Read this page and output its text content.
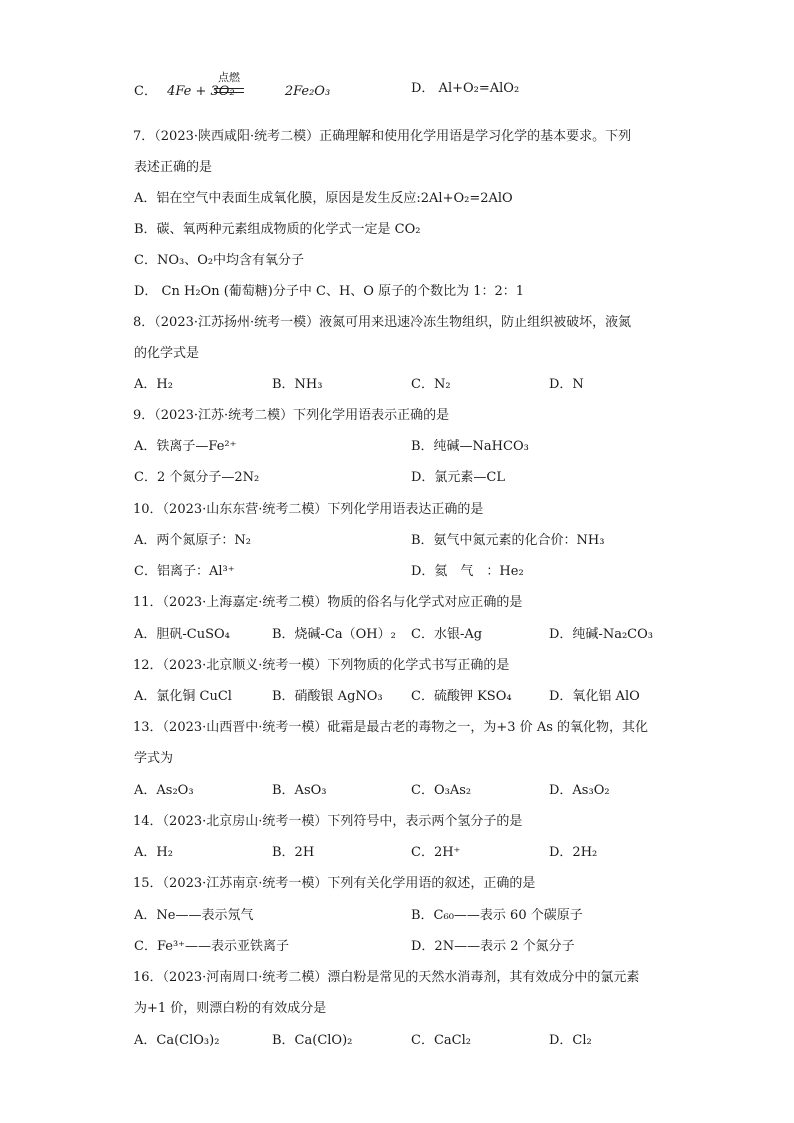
C． 4Fe + 3O₂	2Fe₂O₃
点燃
D． Al+O₂=AlO₂
7．（2023·陕西咸阳·统考二模）正确理解和使用化学用语是学习化学的基本要求。下列
表述正确的是
A．铝在空气中表面生成氧化膜，原因是发生反应:2Al+O₂=2AlO
B．碳、氧两种元素组成物质的化学式一定是 CO₂
C．NO₃、O₂中均含有氧分子
D． Cn H₂On (葡萄糖)分子中 C、H、O 原子的个数比为 1：2：1
8．（2023·江苏扬州·统考一模）液氮可用来迅速冷冻生物组织，防止组织被破坏，液氮
的化学式是
A．H₂	B．NH₃	C．N₂	D．N
9．（2023·江苏·统考二模）下列化学用语表示正确的是
A．铁离子—Fe²⁺	B．纯碱—NaHCO₃
C．2 个氮分子—2N₂	D．氯元素—CL
10．（2023·山东东营·统考二模）下列化学用语表达正确的是
A．两个氮原子：N₂	B．氨气中氮元素的化合价：NH₃
C．铝离子：Al³⁺	D．氦　气　：He₂
11．（2023·上海嘉定·统考二模）物质的俗名与化学式对应正确的是
A．胆矾-CuSO₄	B．烧碱-Ca（OH）₂ C．水银-Ag	D．纯碱-Na₂CO₃
12．（2023·北京顺义·统考一模）下列物质的化学式书写正确的是
A．氯化铜 CuCl	B．硝酸银 AgNO₃ C．硫酸钾 KSO₄	D．氧化铝 AlO
13．（2023·山西晋中·统考一模）砒霜是最古老的毒物之一，为+3 价 As 的氧化物，其化
学式为
A．As₂O₃	B．AsO₃	C．O₃As₂	D．As₃O₂
14．（2023·北京房山·统考一模）下列符号中，表示两个氢分子的是
A．H₂	B．2H	C．2H⁺	D．2H₂
15．（2023·江苏南京·统考一模）下列有关化学用语的叙述，正确的是
A．Ne——表示氖气	B．C₆₀——表示 60 个碳原子
C．Fe³⁺——表示亚铁离子	D．2N——表示 2 个氮分子
16．（2023·河南周口·统考二模）漂白粉是常见的天然水消毒剂，其有效成分中的氯元素
为+1 价，则漂白粉的有效成分是
A．Ca(ClO₃)₂	B．Ca(ClO)₂	C．CaCl₂	D．Cl₂
